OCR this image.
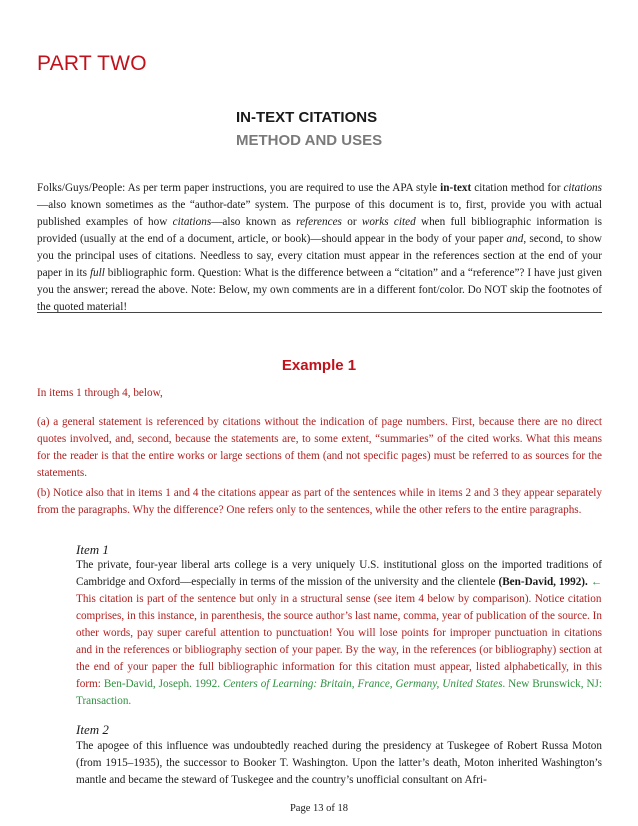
PART TWO
IN-TEXT CITATIONS
METHOD AND USES

Folks/Guys/People: As per term paper instructions, you are required to use the APA style in-text citation method for citations—also known sometimes as the “author-date” system. The purpose of this document is to, first, provide you with actual published examples of how citations—also known as references or works cited when full bibliographic information is provided (usually at the end of a document, article, or book)—should appear in the body of your paper and, second, to show you the principal uses of citations. Needless to say, every citation must appear in the references section at the end of your paper in its full bibliographic form. Question: What is the difference between a “citation” and a “reference”? I have just given you the answer; reread the above. Note: Below, my own comments are in a different font/color. Do NOT skip the footnotes of the quoted material!

Example 1

In items 1 through 4, below,

(a) a general statement is referenced by citations without the indication of page numbers. First, because there are no direct quotes involved, and, second, because the statements are, to some extent, “summaries” of the cited works. What this means for the reader is that the entire works or large sections of them (and not specific pages) must be referred to as sources for the statements.

(b) Notice also that in items 1 and 4 the citations appear as part of the sentences while in items 2 and 3 they appear separately from the paragraphs. Why the difference? One refers only to the sentences, while the other refers to the entire paragraphs.

Item 1

The private, four-year liberal arts college is a very uniquely U.S. institutional gloss on the imported traditions of Cambridge and Oxford—especially in terms of the mission of the university and the clientele (Ben-David, 1992). ← This citation is part of the sentence but only in a structural sense (see item 4 below by comparison). Notice citation comprises, in this instance, in parenthesis, the source author’s last name, comma, year of publication of the source. In other words, pay super careful attention to punctuation! You will lose points for improper punctuation in citations and in the references or bibliography section of your paper. By the way, in the references (or bibliography) section at the end of your paper the full bibliographic information for this citation must appear, listed alphabetically, in this form: Ben-David, Joseph. 1992. Centers of Learning: Britain, France, Germany, United States. New Brunswick, NJ: Transaction.

Item 2

The apogee of this influence was undoubtedly reached during the presidency at Tuskegee of Robert Russa Moton (from 1915–1935), the successor to Booker T. Washington. Upon the latter’s death, Moton inherited Washington’s mantle and became the steward of Tuskegee and the country’s unofficial consultant on Afri-

Page 13 of 18
